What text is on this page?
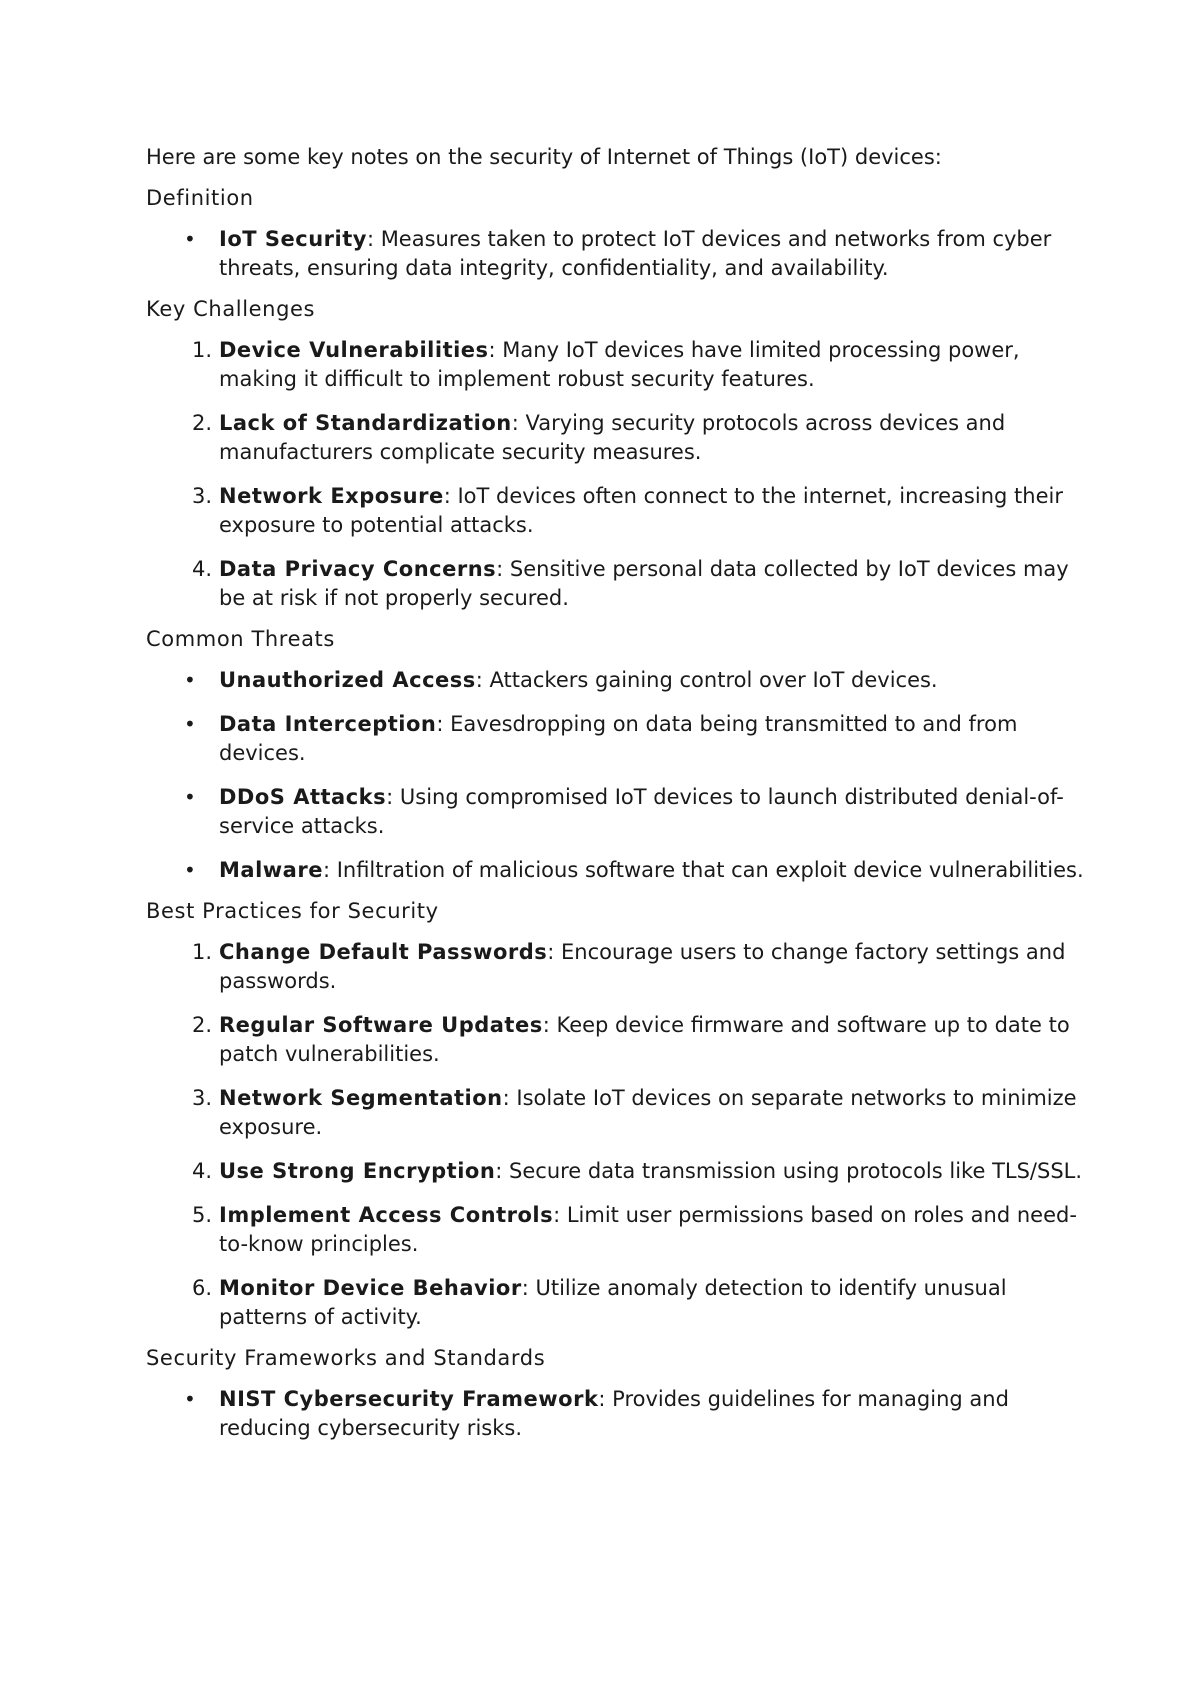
Here are some key notes on the security of Internet of Things (IoT) devices:

Definition
• IoT Security: Measures taken to protect IoT devices and networks from cyber threats, ensuring data integrity, confidentiality, and availability.
Key Challenges
1. Device Vulnerabilities: Many IoT devices have limited processing power, making it difficult to implement robust security features.
2. Lack of Standardization: Varying security protocols across devices and manufacturers complicate security measures.
3. Network Exposure: IoT devices often connect to the internet, increasing their exposure to potential attacks.
4. Data Privacy Concerns: Sensitive personal data collected by IoT devices may be at risk if not properly secured.
Common Threats
• Unauthorized Access: Attackers gaining control over IoT devices.
• Data Interception: Eavesdropping on data being transmitted to and from devices.
• DDoS Attacks: Using compromised IoT devices to launch distributed denial-of-service attacks.
• Malware: Infiltration of malicious software that can exploit device vulnerabilities.
Best Practices for Security
1. Change Default Passwords: Encourage users to change factory settings and passwords.
2. Regular Software Updates: Keep device firmware and software up to date to patch vulnerabilities.
3. Network Segmentation: Isolate IoT devices on separate networks to minimize exposure.
4. Use Strong Encryption: Secure data transmission using protocols like TLS/SSL.
5. Implement Access Controls: Limit user permissions based on roles and need-to-know principles.
6. Monitor Device Behavior: Utilize anomaly detection to identify unusual patterns of activity.
Security Frameworks and Standards
• NIST Cybersecurity Framework: Provides guidelines for managing and reducing cybersecurity risks.
